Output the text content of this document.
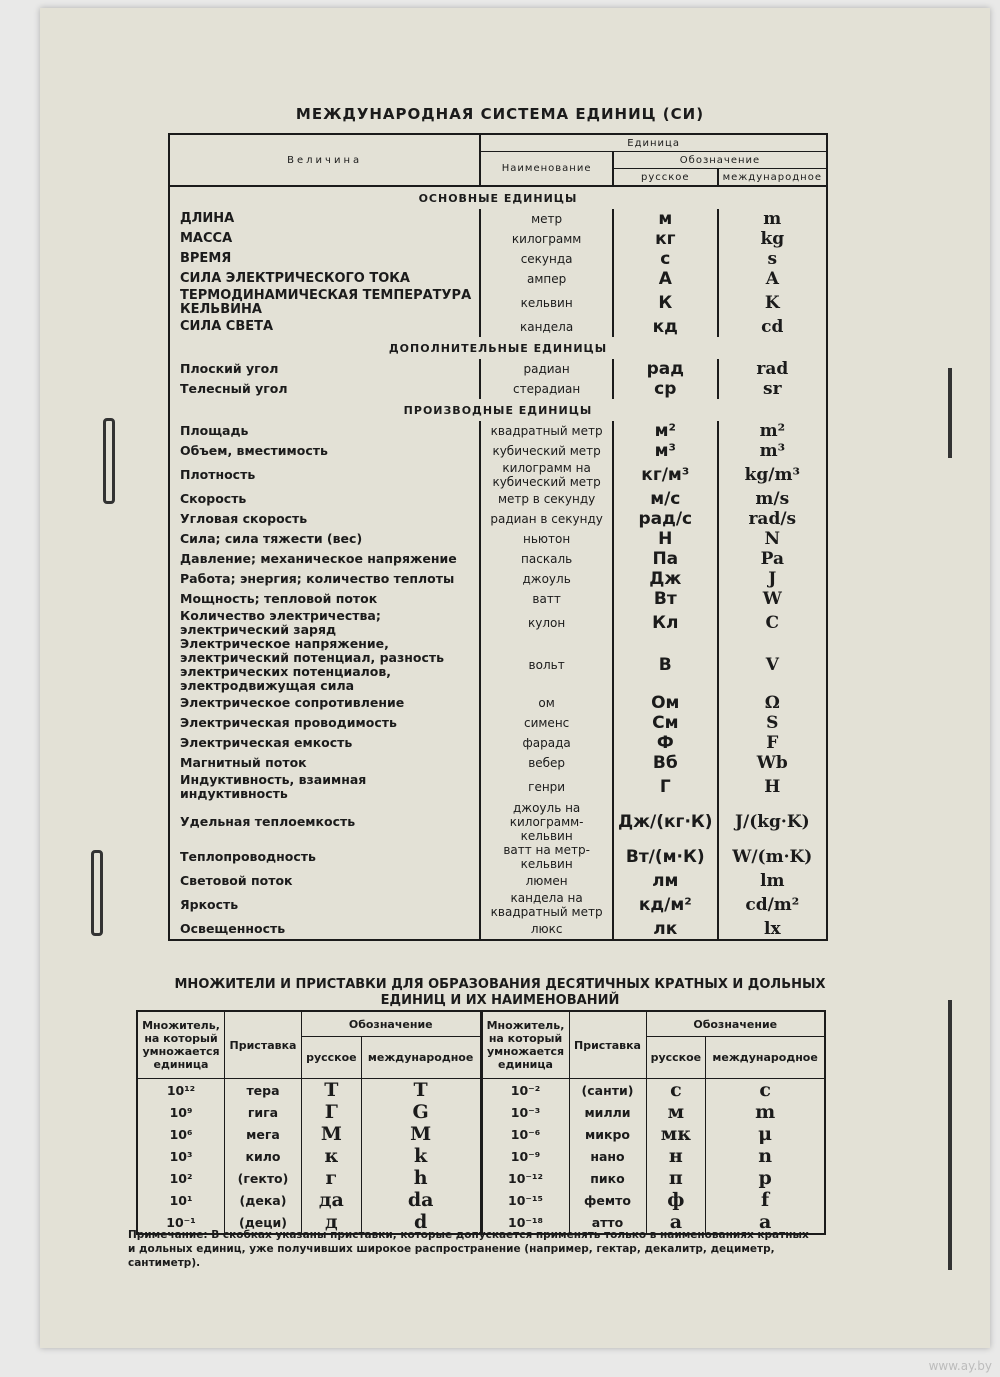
МЕЖДУНАРОДНАЯ СИСТЕМА ЕДИНИЦ (СИ)
Величина	Единица		
	Наименование	Обозначение	
		русское	международное
ОСНОВНЫЕ ЕДИНИЦЫ			
ДЛИНА	метр	м	m
МАССА	килограмм	кг	kg
ВРЕМЯ	секунда	с	s
СИЛА ЭЛЕКТРИЧЕСКОГО ТОКА	ампер	А	A
ТЕРМОДИНАМИЧЕСКАЯ ТЕМПЕРАТУРА КЕЛЬВИНА	кельвин	К	K
СИЛА СВЕТА	кандела	кд	cd
ДОПОЛНИТЕЛЬНЫЕ ЕДИНИЦЫ			
Плоский угол	радиан	рад	rad
Телесный угол	стерадиан	ср	sr
ПРОИЗВОДНЫЕ ЕДИНИЦЫ			
Площадь	квадратный метр	м²	m²
Объем, вместимость	кубический метр	м³	m³
Плотность	килограмм на кубический метр	кг/м³	kg/m³
Скорость	метр в секунду	м/с	m/s
Угловая скорость	радиан в секунду	рад/с	rad/s
Сила; сила тяжести (вес)	ньютон	Н	N
Давление; механическое напряжение	паскаль	Па	Pa
Работа; энергия; количество теплоты	джоуль	Дж	J
Мощность; тепловой поток	ватт	Вт	W
Количество электричества; электрический заряд	кулон	Кл	C
Электрическое напряжение, электрический потенциал, разность электрических потенциалов, электродвижущая сила	вольт	В	V
Электрическое сопротивление	ом	Ом	Ω
Электрическая проводимость	сименс	См	S
Электрическая емкость	фарада	Ф	F
Магнитный поток	вебер	Вб	Wb
Индуктивность, взаимная индуктивность	генри	Г	H
Удельная теплоемкость	джоуль на килограмм-кельвин	Дж/(кг·К)	J/(kg·K)
Теплопроводность	ватт на метр-кельвин	Вт/(м·К)	W/(m·K)
Световой поток	люмен	лм	lm
Яркость	кандела на квадратный метр	кд/м²	cd/m²
Освещенность	люкс	лк	lx
МНОЖИТЕЛИ И ПРИСТАВКИ ДЛЯ ОБРАЗОВАНИЯ ДЕСЯТИЧНЫХ КРАТНЫХ И ДОЛЬНЫХ
ЕДИНИЦ И ИХ НАИМЕНОВАНИЙ
Множитель, на который умножается единица	Приставка	Обозначение		Множитель, на который умножается единица	Приставка	Обозначение	
		русское	международное			русское	международное
10¹²	тера	Т	T	10⁻²	(санти)	с	c
10⁹	гига	Г	G	10⁻³	милли	м	m
10⁶	мега	М	M	10⁻⁶	микро	мк	μ
10³	кило	к	k	10⁻⁹	нано	н	n
10²	(гекто)	г	h	10⁻¹²	пико	п	p
10¹	(дека)	да	da	10⁻¹⁵	фемто	ф	f
10⁻¹	(деци)	д	d	10⁻¹⁸	атто	а	a
Примечание: В скобках указаны приставки, которые допускается применять только в наименованиях кратных и дольных единиц, уже получивших широкое распространение (например, гектар, декалитр, дециметр, сантиметр).
www.ay.by
